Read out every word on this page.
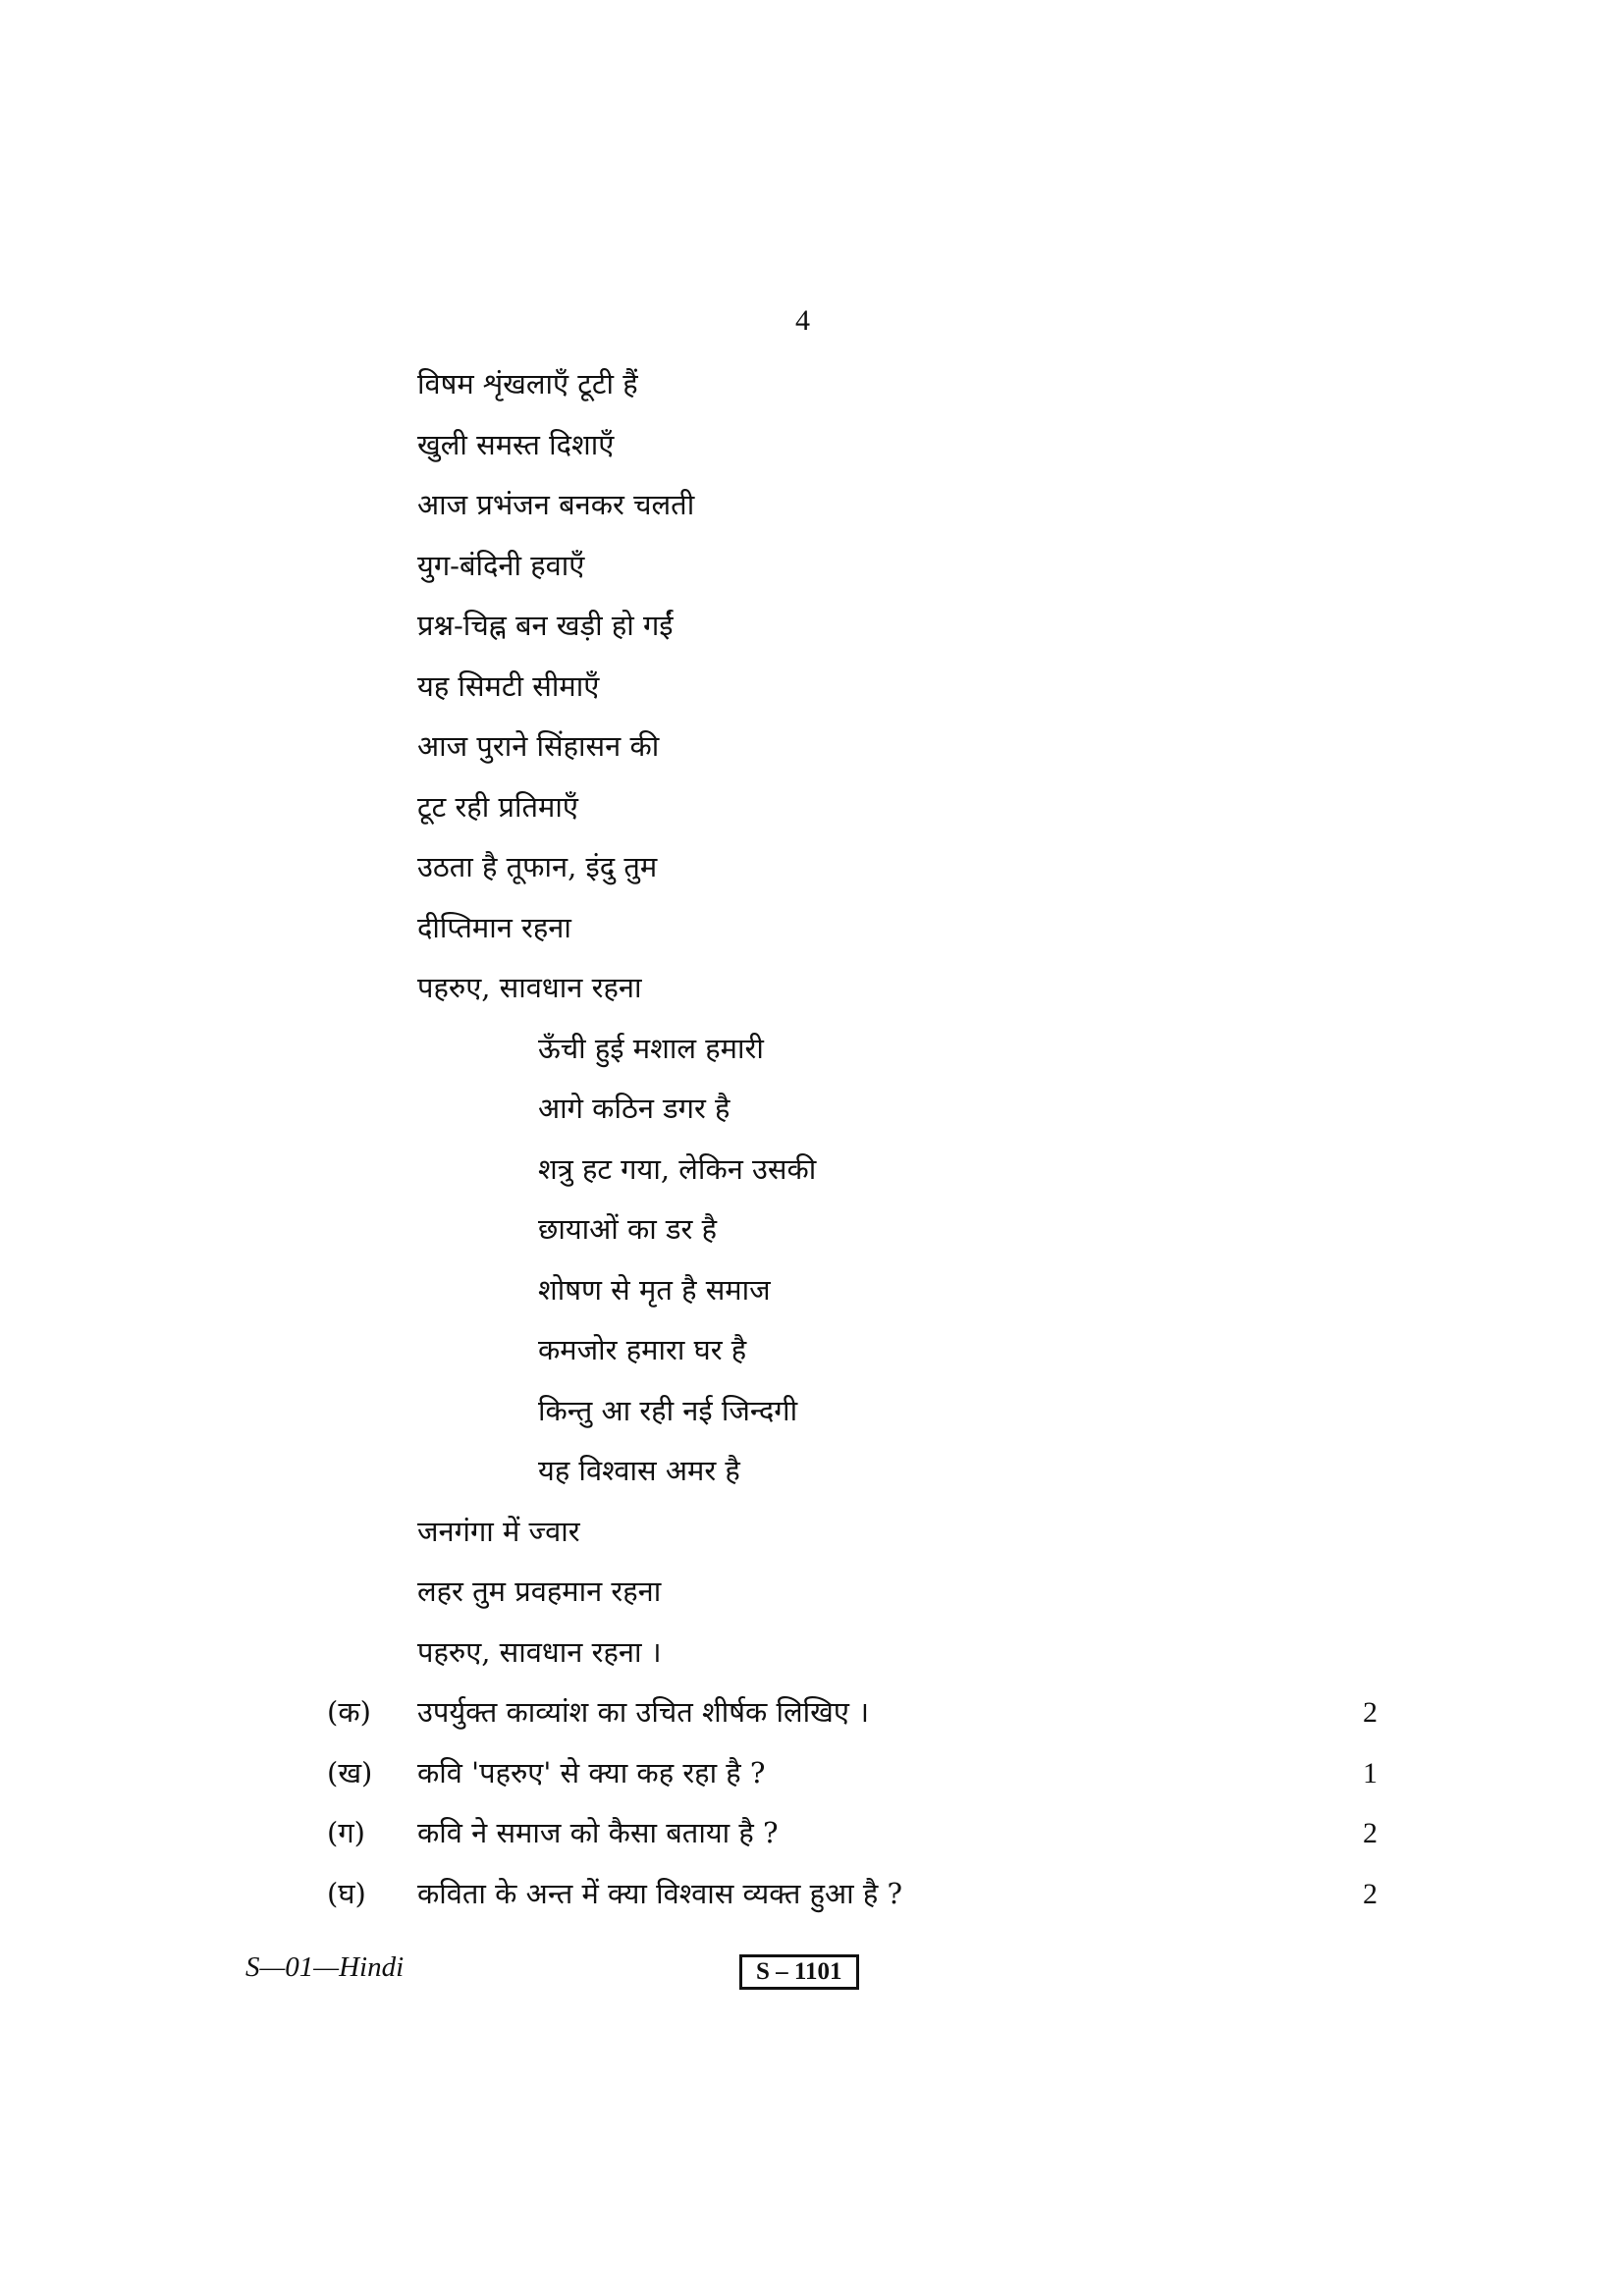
4
विषम शृंखलाएँ टूटी हैं
खुली समस्त दिशाएँ
आज प्रभंजन बनकर चलती
युग-बंदिनी हवाएँ
प्रश्न-चिह्न बन खड़ी हो गईं
यह सिमटी सीमाएँ
आज पुराने सिंहासन की
टूट रही प्रतिमाएँ
उठता है तूफान, इंदु तुम
दीप्तिमान रहना
पहरुए, सावधान रहना
ऊँची हुई मशाल हमारी
आगे कठिन डगर है
शत्रु हट गया, लेकिन उसकी
छायाओं का डर है
शोषण से मृत है समाज
कमजोर हमारा घर है
किन्तु आ रही नई जिन्दगी
यह विश्वास अमर है
जनगंगा में ज्वार
लहर तुम प्रवहमान रहना
पहरुए, सावधान रहना ।
(क) उपर्युक्त काव्यांश का उचित शीर्षक लिखिए ।	2
(ख) कवि 'पहरुए' से क्या कह रहा है ?	1
(ग) कवि ने समाज को कैसा बताया है ?	2
(घ) कविता के अन्त में क्या विश्वास व्यक्त हुआ है ?	2
S—01—Hindi	S – 1101
